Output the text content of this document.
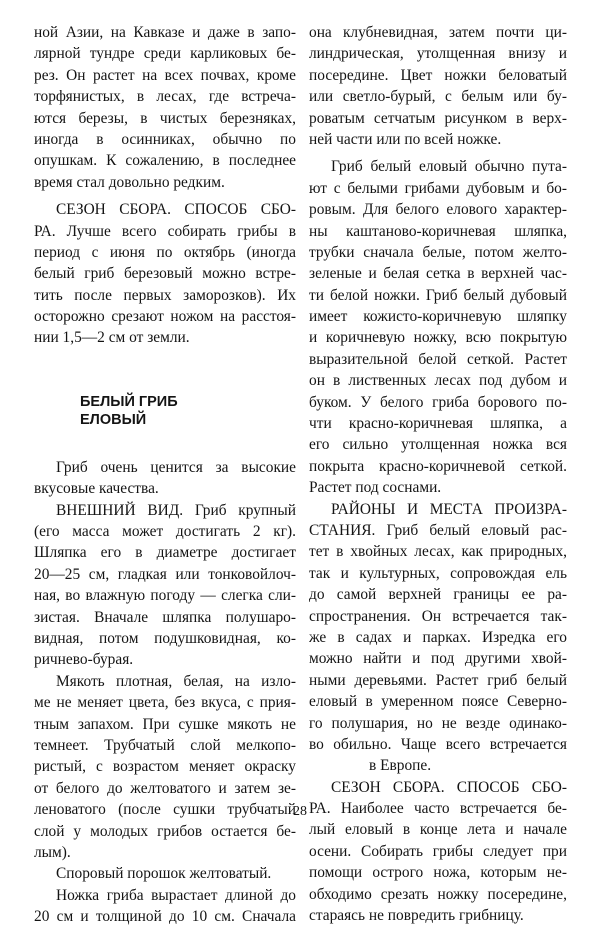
ной Азии, на Кавказе и даже в запо-
лярной тундре среди карликовых бе-
рез. Он растет на всех почвах, кроме
торфянистых, в лесах, где встреча-
ются березы, в чистых березняках,
иногда в осинниках, обычно по
опушкам. К сожалению, в последнее
время стал довольно редким.
СЕЗОН СБОРА. СПОСОБ СБО-
РА. Лучше всего собирать грибы в
период с июня по октябрь (иногда
белый гриб березовый можно встре-
тить после первых заморозков). Их
осторожно срезают ножом на расстоя-
нии 1,5—2 см от земли.
БЕЛЫЙ ГРИБ
ЕЛОВЫЙ
Гриб очень ценится за высокие
вкусовые качества.
ВНЕШНИЙ ВИД. Гриб крупный
(его масса может достигать 2 кг).
Шляпка его в диаметре достигает
20—25 см, гладкая или тонковойлоч-
ная, во влажную погоду — слегка сли-
зистая. Вначале шляпка полушаро-
видная, потом подушковидная, ко-
ричнево-бурая.
Мякоть плотная, белая, на изло-
ме не меняет цвета, без вкуса, с прия-
тным запахом. При сушке мякоть не
темнеет. Трубчатый слой мелкопо-
ристый, с возрастом меняет окраску
от белого до желтоватого и затем зе-
леноватого (после сушки трубчатый
слой у молодых грибов остается бе-
лым).
Споровый порошок желтоватый.
Ножка гриба вырастает длиной до
20 см и толщиной до 10 см. Сначала
она клубневидная, затем почти ци-
линдрическая, утолщенная внизу и
посередине. Цвет ножки беловатый
или светло-бурый, с белым или бу-
роватым сетчатым рисунком в верх-
ней части или по всей ножке.
Гриб белый еловый обычно пута-
ют с белыми грибами дубовым и бо-
ровым. Для белого елового характер-
ны каштаново-коричневая шляпка,
трубки сначала белые, потом желто-
зеленые и белая сетка в верхней час-
ти белой ножки. Гриб белый дубовый
имеет кожисто-коричневую шляпку
и коричневую ножку, всю покрытую
выразительной белой сеткой. Растет
он в лиственных лесах под дубом и
буком. У белого гриба борового по-
чти красно-коричневая шляпка, а
его сильно утолщенная ножка вся
покрыта красно-коричневой сеткой.
Растет под соснами.
РАЙОНЫ И МЕСТА ПРОИЗРА-
СТАНИЯ. Гриб белый еловый рас-
тет в хвойных лесах, как природных,
так и культурных, сопровождая ель
до самой верхней границы ее ра-
спространения. Он встречается так-
же в садах и парках. Изредка его
можно найти и под другими хвой-
ными деревьями. Растет гриб белый
еловый в умеренном поясе Северно-
го полушария, но не везде одинако-
во обильно. Чаще всего встречается
в Европе.
СЕЗОН СБОРА. СПОСОБ СБО-
РА. Наиболее часто встречается бе-
лый еловый в конце лета и начале
осени. Собирать грибы следует при
помощи острого ножа, которым не-
обходимо срезать ножку посередине,
стараясь не повредить грибницу.
28
